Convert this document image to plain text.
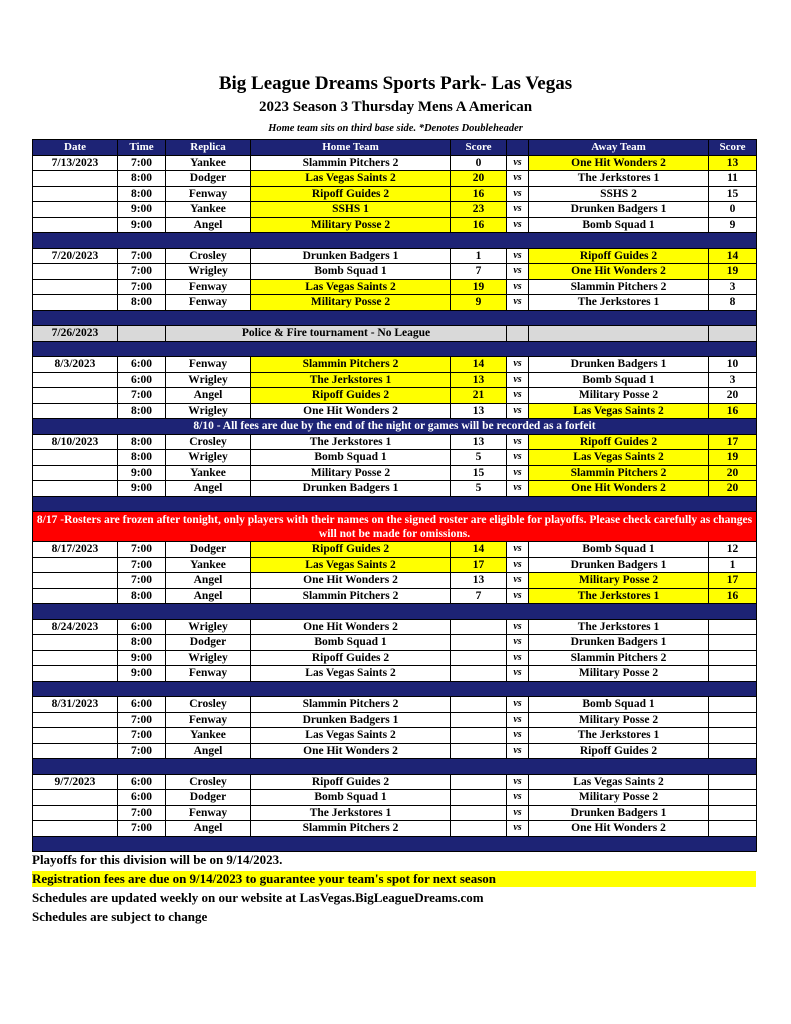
Big League Dreams Sports Park- Las Vegas
2023 Season 3 Thursday Mens A American
Home team sits on third base side. *Denotes Doubleheader
Date	Time	Replica	Home Team	Score		Away Team	Score
7/13/2023	7:00	Yankee	Slammin Pitchers 2	0	vs	One Hit Wonders 2	13
	8:00	Dodger	Las Vegas Saints 2	20	vs	The Jerkstores 1	11
	8:00	Fenway	Ripoff Guides 2	16	vs	SSHS 2	15
	9:00	Yankee	SSHS 1	23	vs	Drunken Badgers 1	0
	9:00	Angel	Military Posse 2	16	vs	Bomb Squad 1	9

7/20/2023	7:00	Crosley	Drunken Badgers 1	1	vs	Ripoff Guides 2	14
	7:00	Wrigley	Bomb Squad 1	7	vs	One Hit Wonders 2	19
	7:00	Fenway	Las Vegas Saints 2	19	vs	Slammin Pitchers 2	3
	8:00	Fenway	Military Posse 2	9	vs	The Jerkstores 1	8

7/26/2023		Police & Fire tournament - No League					

8/3/2023	6:00	Fenway	Slammin Pitchers 2	14	vs	Drunken Badgers 1	10
	6:00	Wrigley	The Jerkstores 1	13	vs	Bomb Squad 1	3
	7:00	Angel	Ripoff Guides 2	21	vs	Military Posse 2	20
	8:00	Wrigley	One Hit Wonders 2	13	vs	Las Vegas Saints 2	16
8/10 - All fees are due by the end of the night or games will be recorded as a forfeit							
8/10/2023	8:00	Crosley	The Jerkstores 1	13	vs	Ripoff Guides 2	17
	8:00	Wrigley	Bomb Squad 1	5	vs	Las Vegas Saints 2	19
	9:00	Yankee	Military Posse 2	15	vs	Slammin Pitchers 2	20
	9:00	Angel	Drunken Badgers 1	5	vs	One Hit Wonders 2	20

8/17 -Rosters are frozen after tonight, only players with their names on the signed roster are eligible for playoffs. Please check carefully as changes will not be made for omissions.							
8/17/2023	7:00	Dodger	Ripoff Guides 2	14	vs	Bomb Squad 1	12
	7:00	Yankee	Las Vegas Saints 2	17	vs	Drunken Badgers 1	1
	7:00	Angel	One Hit Wonders 2	13	vs	Military Posse 2	17
	8:00	Angel	Slammin Pitchers 2	7	vs	The Jerkstores 1	16

8/24/2023	6:00	Wrigley	One Hit Wonders 2		vs	The Jerkstores 1	
	8:00	Dodger	Bomb Squad 1		vs	Drunken Badgers 1	
	9:00	Wrigley	Ripoff Guides 2		vs	Slammin Pitchers 2	
	9:00	Fenway	Las Vegas Saints 2		vs	Military Posse 2	

8/31/2023	6:00	Crosley	Slammin Pitchers 2		vs	Bomb Squad 1	
	7:00	Fenway	Drunken Badgers 1		vs	Military Posse 2	
	7:00	Yankee	Las Vegas Saints 2		vs	The Jerkstores 1	
	7:00	Angel	One Hit Wonders 2		vs	Ripoff Guides 2	

9/7/2023	6:00	Crosley	Ripoff Guides 2		vs	Las Vegas Saints 2	
	6:00	Dodger	Bomb Squad 1		vs	Military Posse 2	
	7:00	Fenway	The Jerkstores 1		vs	Drunken Badgers 1	
	7:00	Angel	Slammin Pitchers 2		vs	One Hit Wonders 2	

Playoffs for this division will be on 9/14/2023.
Registration fees are due on 9/14/2023 to guarantee your team's spot for next season
Schedules are updated weekly on our website at LasVegas.BigLeagueDreams.com
Schedules are subject to change
